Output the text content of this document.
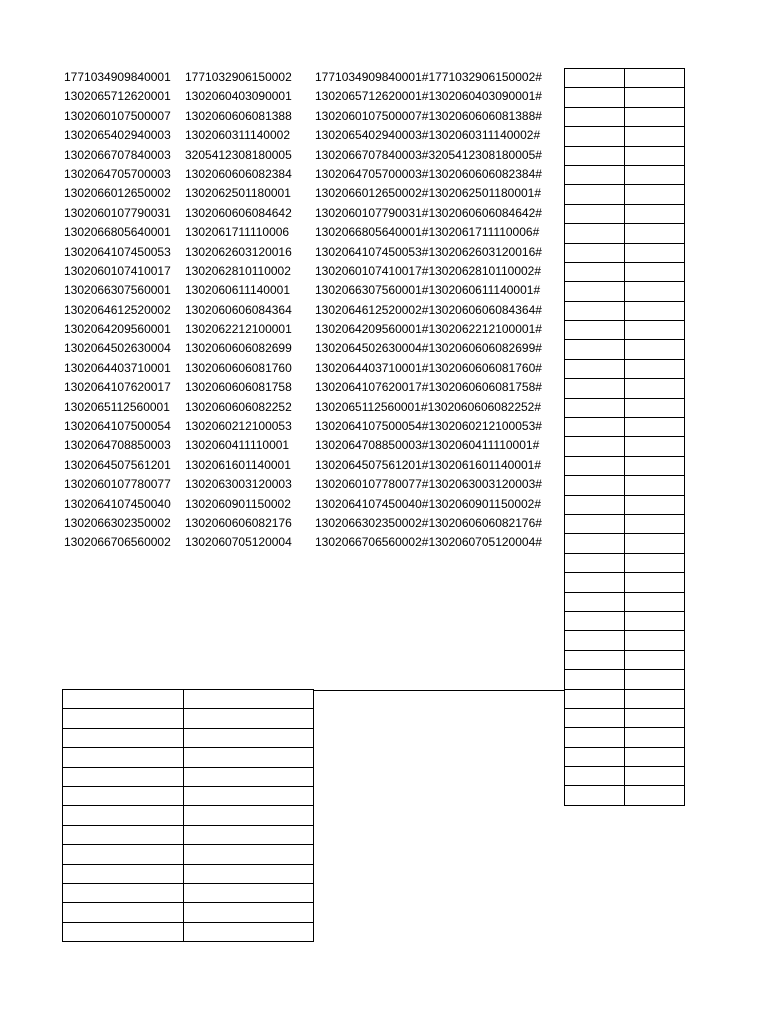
1771034909840001 1771032906150002 1771034909840001#1771032906150002#
1302065712620001 1302060403090001 1302065712620001#1302060403090001#
1302060107500007 1302060606081388 1302060107500007#1302060606081388#
1302065402940003 1302060311140002 1302065402940003#1302060311140002#
1302066707840003 3205412308180005 1302066707840003#3205412308180005#
1302064705700003 1302060606082384 1302064705700003#1302060606082384#
1302066012650002 1302062501180001 1302066012650002#1302062501180001#
1302060107790031 1302060606084642 1302060107790031#1302060606084642#
1302066805640001 1302061711110006 1302066805640001#1302061711110006#
1302064107450053 1302062603120016 1302064107450053#1302062603120016#
1302060107410017 1302062810110002 1302060107410017#1302062810110002#
1302066307560001 1302060611140001 1302066307560001#1302060611140001#
1302064612520002 1302060606084364 1302064612520002#1302060606084364#
1302064209560001 1302062212100001 1302064209560001#1302062212100001#
1302064502630004 1302060606082699 1302064502630004#1302060606082699#
1302064403710001 1302060606081760 1302064403710001#1302060606081760#
1302064107620017 1302060606081758 1302064107620017#1302060606081758#
1302065112560001 1302060606082252 1302065112560001#1302060606082252#
1302064107500054 1302060212100053 1302064107500054#1302060212100053#
1302064708850003 1302060411110001 1302064708850003#1302060411110001#
1302064507561201 1302061601140001 1302064507561201#1302061601140001#
1302060107780077 1302063003120003 1302060107780077#1302063003120003#
1302064107450040 1302060901150002 1302064107450040#1302060901150002#
1302066302350002 1302060606082176 1302066302350002#1302060606082176#
1302066706560002 1302060705120004 1302066706560002#1302060705120004#
